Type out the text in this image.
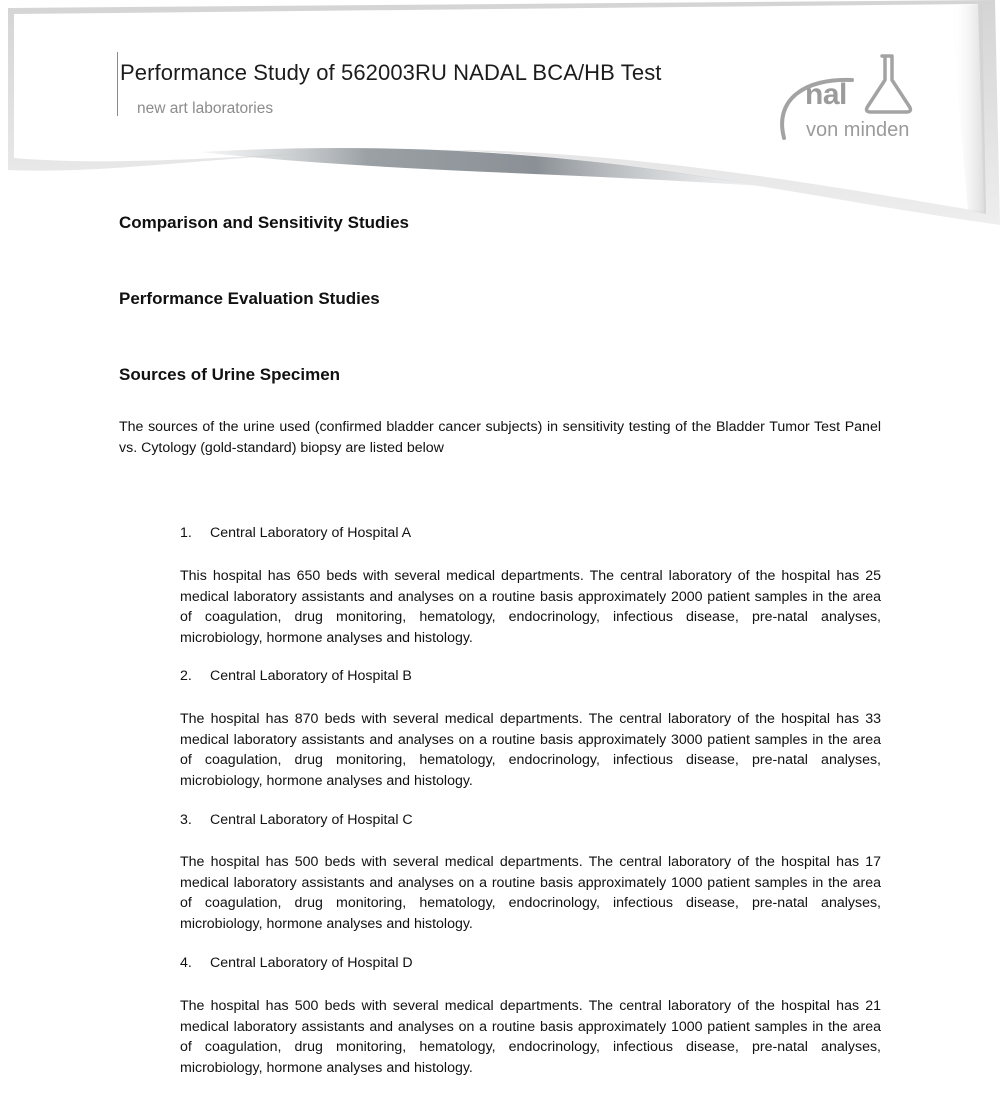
Performance Study of 562003RU NADAL BCA/HB Test
new art laboratories	nal
von minden
Comparison and Sensitivity Studies
Performance Evaluation Studies
Sources of Urine Specimen
The sources of the urine used (confirmed bladder cancer subjects) in sensitivity testing of the Bladder Tumor Test Panel vs. Cytology (gold-standard) biopsy are listed below
1. Central Laboratory of Hospital A
This hospital has 650 beds with several medical departments. The central laboratory of the hospital has 25 medical laboratory assistants and analyses on a routine basis approximately 2000 patient samples in the area of coagulation, drug monitoring, hematology, endocrinology, infectious disease, pre-natal analyses, microbiology, hormone analyses and histology.
2. Central Laboratory of Hospital B
The hospital has 870 beds with several medical departments. The central laboratory of the hospital has 33 medical laboratory assistants and analyses on a routine basis approximately 3000 patient samples in the area of coagulation, drug monitoring, hematology, endocrinology, infectious disease, pre-natal analyses, microbiology, hormone analyses and histology.
3. Central Laboratory of Hospital C
The hospital has 500 beds with several medical departments. The central laboratory of the hospital has 17 medical laboratory assistants and analyses on a routine basis approximately 1000 patient samples in the area of coagulation, drug monitoring, hematology, endocrinology, infectious disease, pre-natal analyses, microbiology, hormone analyses and histology.
4. Central Laboratory of Hospital D
The hospital has 500 beds with several medical departments. The central laboratory of the hospital has 21 medical laboratory assistants and analyses on a routine basis approximately 1000 patient samples in the area of coagulation, drug monitoring, hematology, endocrinology, infectious disease, pre-natal analyses, microbiology, hormone analyses and histology.
